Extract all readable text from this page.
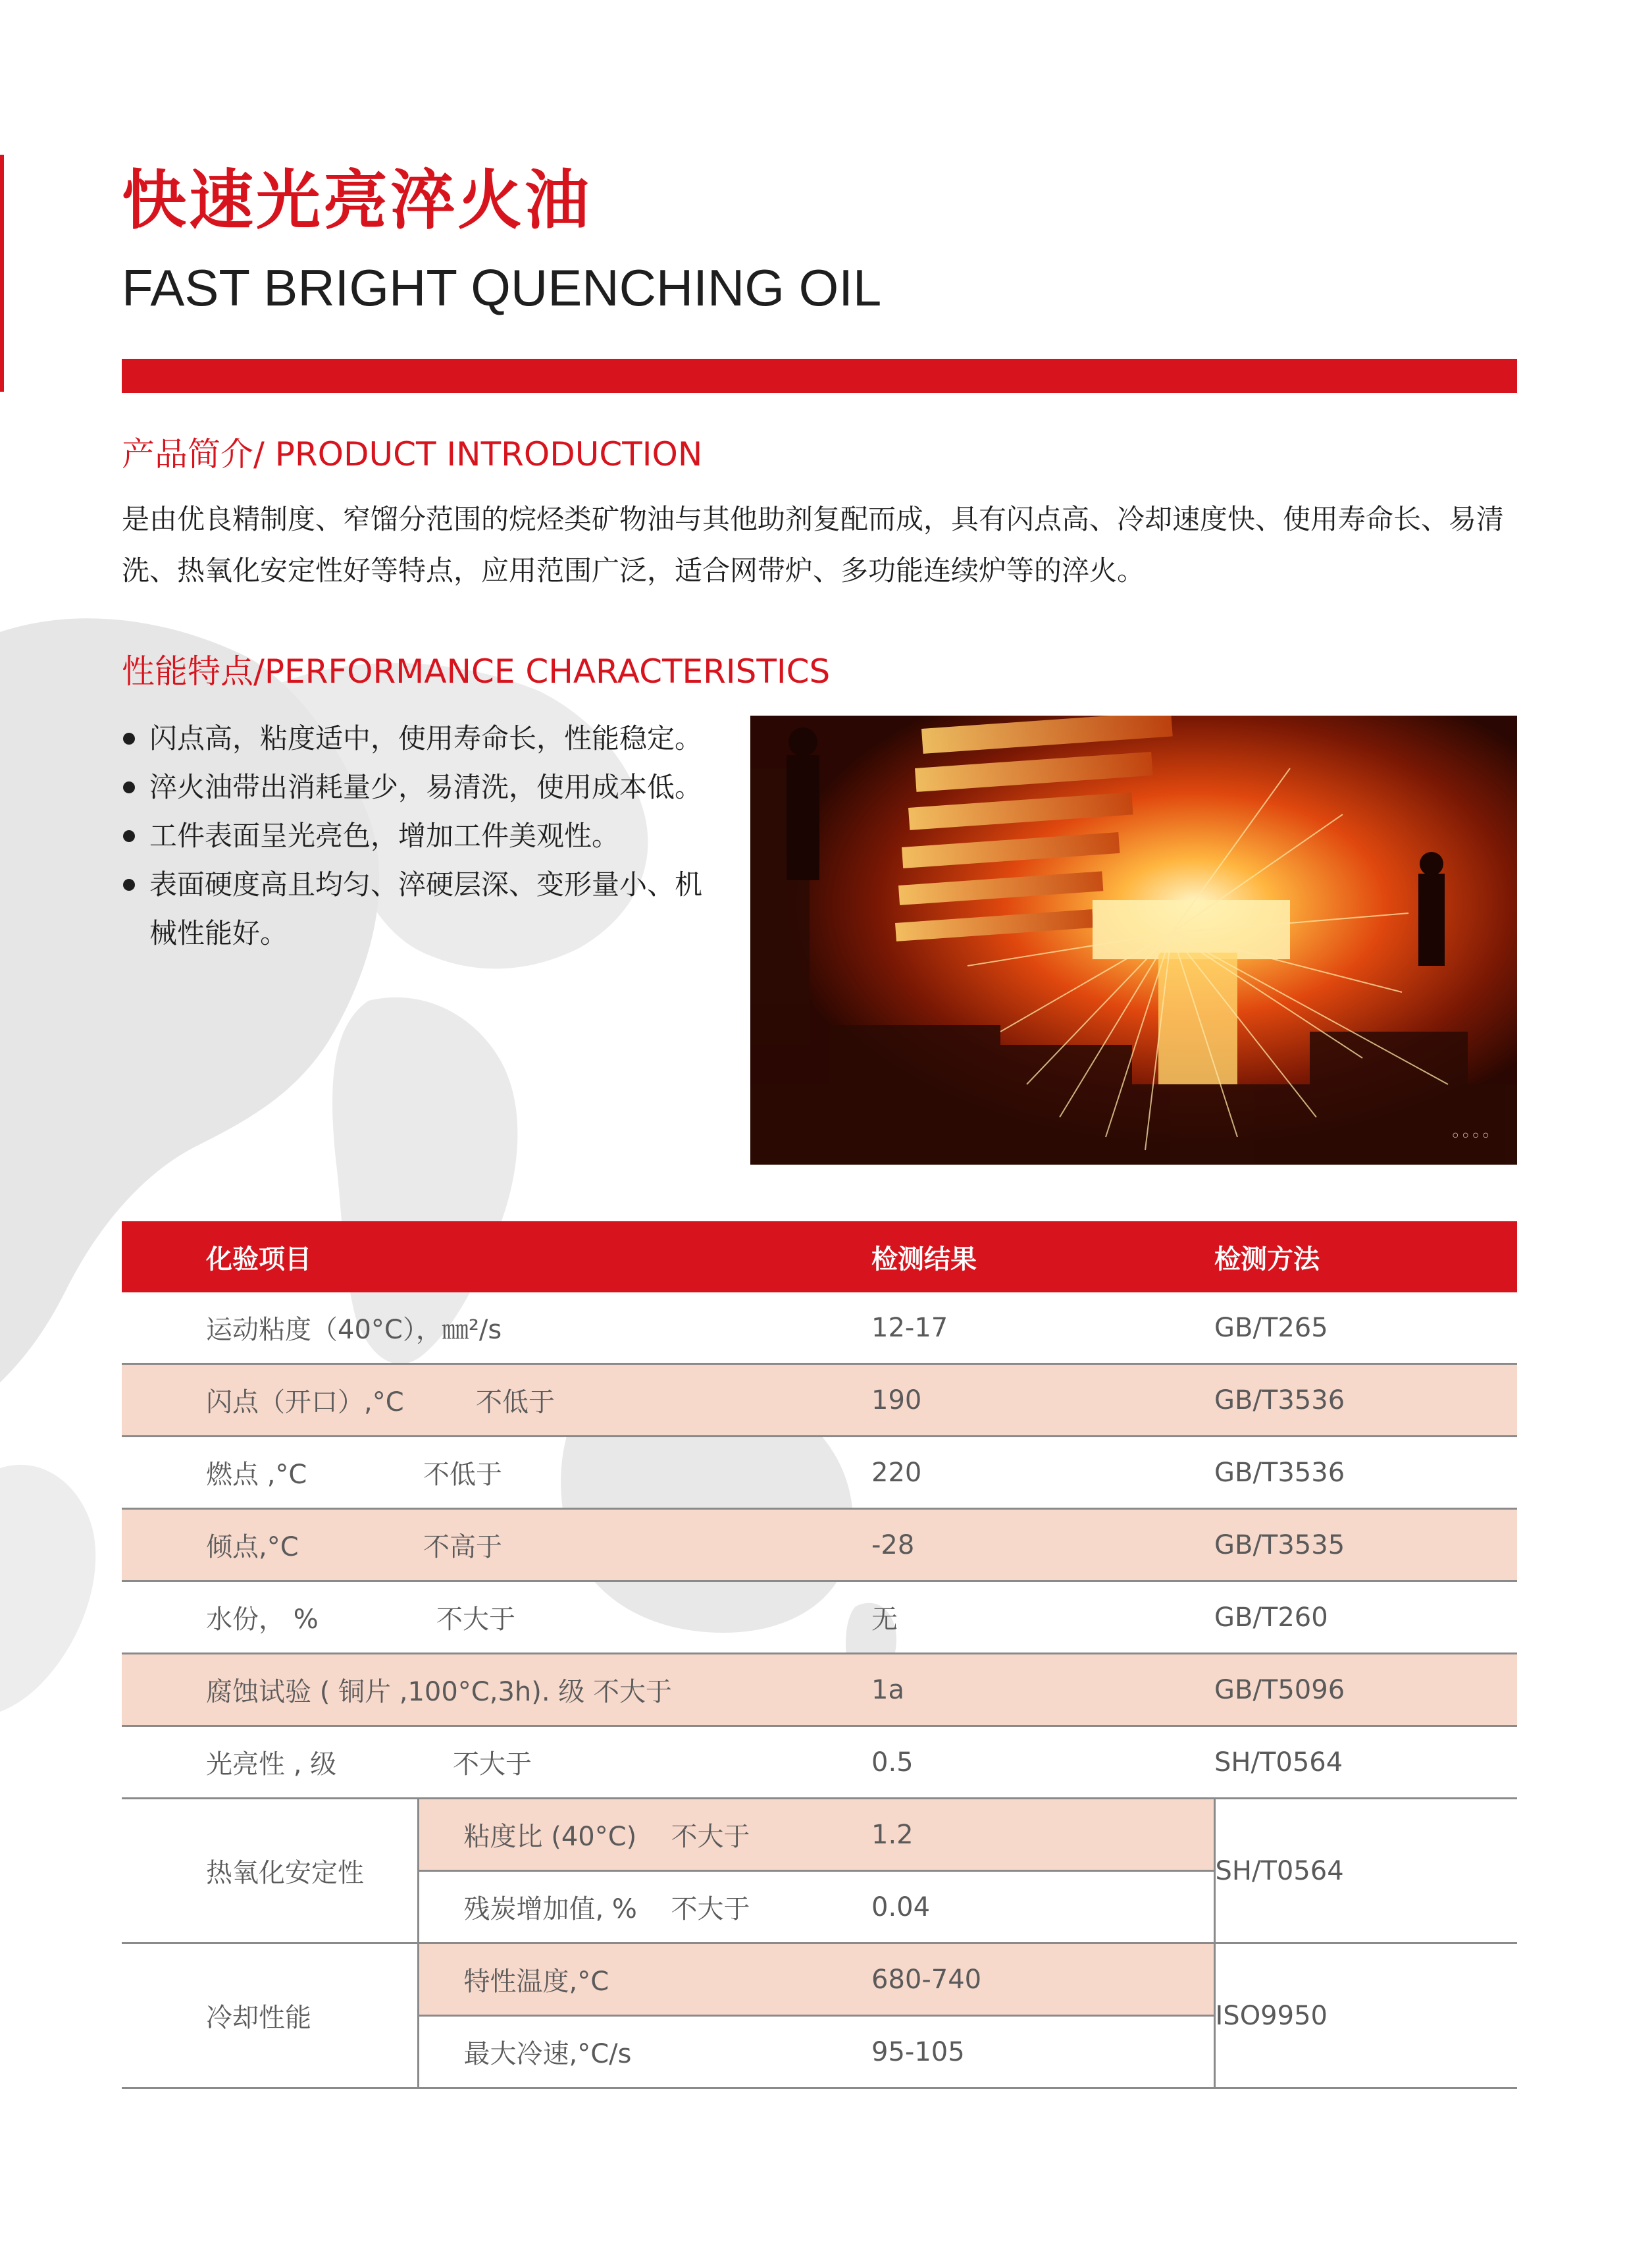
快速光亮淬火油
FAST BRIGHT QUENCHING OIL
产品简介/ PRODUCT INTRODUCTION

是由优良精制度、窄馏分范围的烷烃类矿物油与其他助剂复配而成，具有闪点高、冷却速度快、使用寿命长、易清

洗、热氧化安定性好等特点，应用范围广泛，适合网带炉、多功能连续炉等的淬火。

性能特点/PERFORMANCE CHARACTERISTICS
闪点高，粘度适中，使用寿命长，性能稳定。
淬火油带出消耗量少，易清洗，使用成本低。
工件表面呈光亮色，增加工件美观性。
表面硬度高且均匀、淬硬层深、变形量小、机械性能好。
◦◦◦◦
化验项目		检测结果	检测方法
运动粘度（40°C），㎜²/s		12-17	GB/T265
闪点（开口）,°C 不低于		190	GB/T3536
燃点 ,°C 不低于		220	GB/T3536
倾点,°C 不高于		-28	GB/T3535
水份， % 不大于		无	GB/T260
腐蚀试验 ( 铜片 ,100°C,3h). 级 不大于		1a	GB/T5096
光亮性 , 级 不大于		0.5	SH/T0564
热氧化安定性	粘度比 (40°C) 不大于	1.2	SH/T0564
	残炭增加值, % 不大于	0.04	
冷却性能	特性温度,°C	680-740	ISO9950
	最大冷速,°C/s	95-105	
